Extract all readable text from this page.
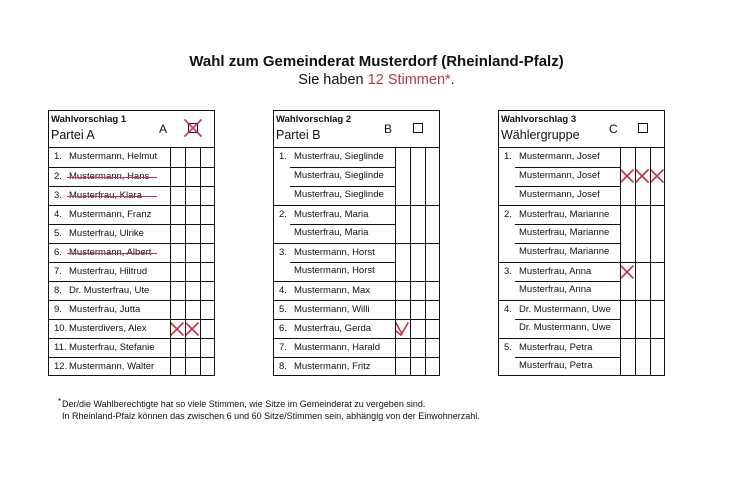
Wahl zum Gemeinderat Musterdorf (Rheinland-Pfalz)
Sie haben 12 Stimmen*.
Wahlvorschlag 1
Partei A	A
1. Mustermann, Helmut
2. Mustermann, Hans
3. Musterfrau, Klara
4. Mustermann, Franz
5. Musterfrau, Ulrike
6. Mustermann, Albert
7. Musterfrau, Hiltrud
8. Dr. Musterfrau, Ute
9. Musterfrau, Jutta
10. Musterdivers, Alex
11. Musterfrau, Stefanie
12. Mustermann, Walter
Wahlvorschlag 2
Partei B	B
1. Musterfrau, Sieglinde
Musterfrau, Sieglinde
Musterfrau, Sieglinde
2. Musterfrau, Maria
Musterfrau, Maria
3. Mustermann, Horst
Mustermann, Horst
4. Mustermann, Max
5. Mustermann, Willi
6. Musterfrau, Gerda
7. Mustermann, Harald
8. Mustermann, Fritz
Wahlvorschlag 3
Wählergruppe C
1. Mustermann, Josef
Mustermann, Josef
Mustermann, Josef
2. Musterfrau, Marianne
Musterfrau, Marianne
Musterfrau, Marianne
3. Musterfrau, Anna
Musterfrau, Anna
4. Dr. Mustermann, Uwe
Dr. Mustermann, Uwe
5. Musterfrau, Petra
Musterfrau, Petra
* Der/die Wahlberechtigte hat so viele Stimmen, wie Sitze im Gemeinderat zu vergeben sind.
In Rheinland-Pfalz können das zwischen 6 und 60 Sitze/Stimmen sein, abhängig von der Einwohnerzahl.
